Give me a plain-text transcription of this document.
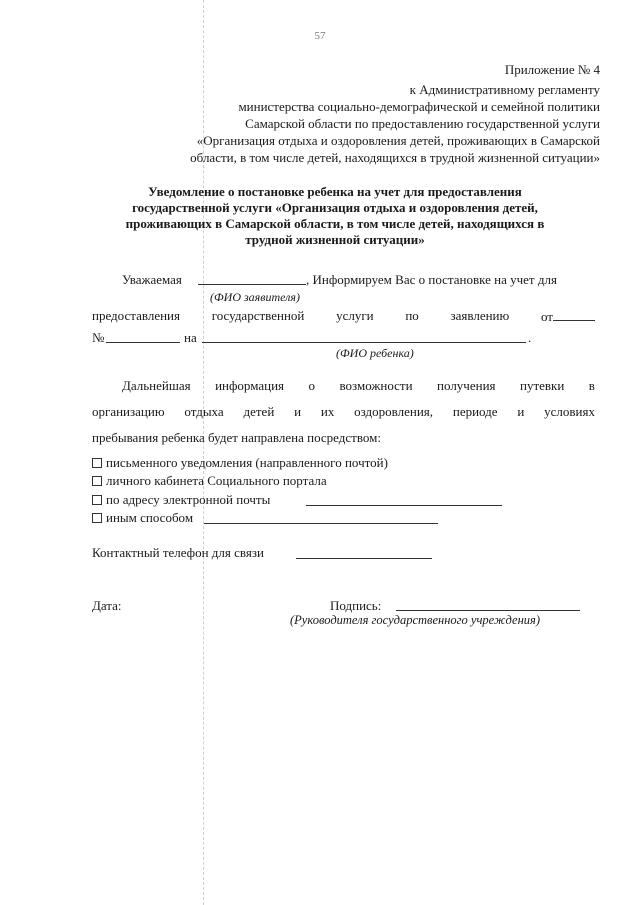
57
Приложение № 4
к Административному регламенту
министерства социально-демографической и семейной политики
Самарской области по предоставлению государственной услуги
«Организация отдыха и оздоровления детей, проживающих в Самарской
области, в том числе детей, находящихся в трудной жизненной ситуации»
Уведомление о постановке ребенка на учет для предоставления
государственной услуги «Организация отдыха и оздоровления детей,
проживающих в Самарской области, в том числе детей, находящихся в
трудной жизненной ситуации»
Уважаемая	, Информируем Вас о постановке на учет для
(ФИО заявителя)
предоставления государственной услуги по заявлению от
№	на	.
(ФИО ребенка)
Дальнейшая информация о возможности получения путевки в
организацию отдыха детей и их оздоровления, периоде и условиях
пребывания ребенка будет направлена посредством:
письменного уведомления (направленного почтой)
личного кабинета Социального портала
по адресу электронной почты
иным способом
Контактный телефон для связи
Дата:	Подпись:
(Руководителя государственного учреждения)
